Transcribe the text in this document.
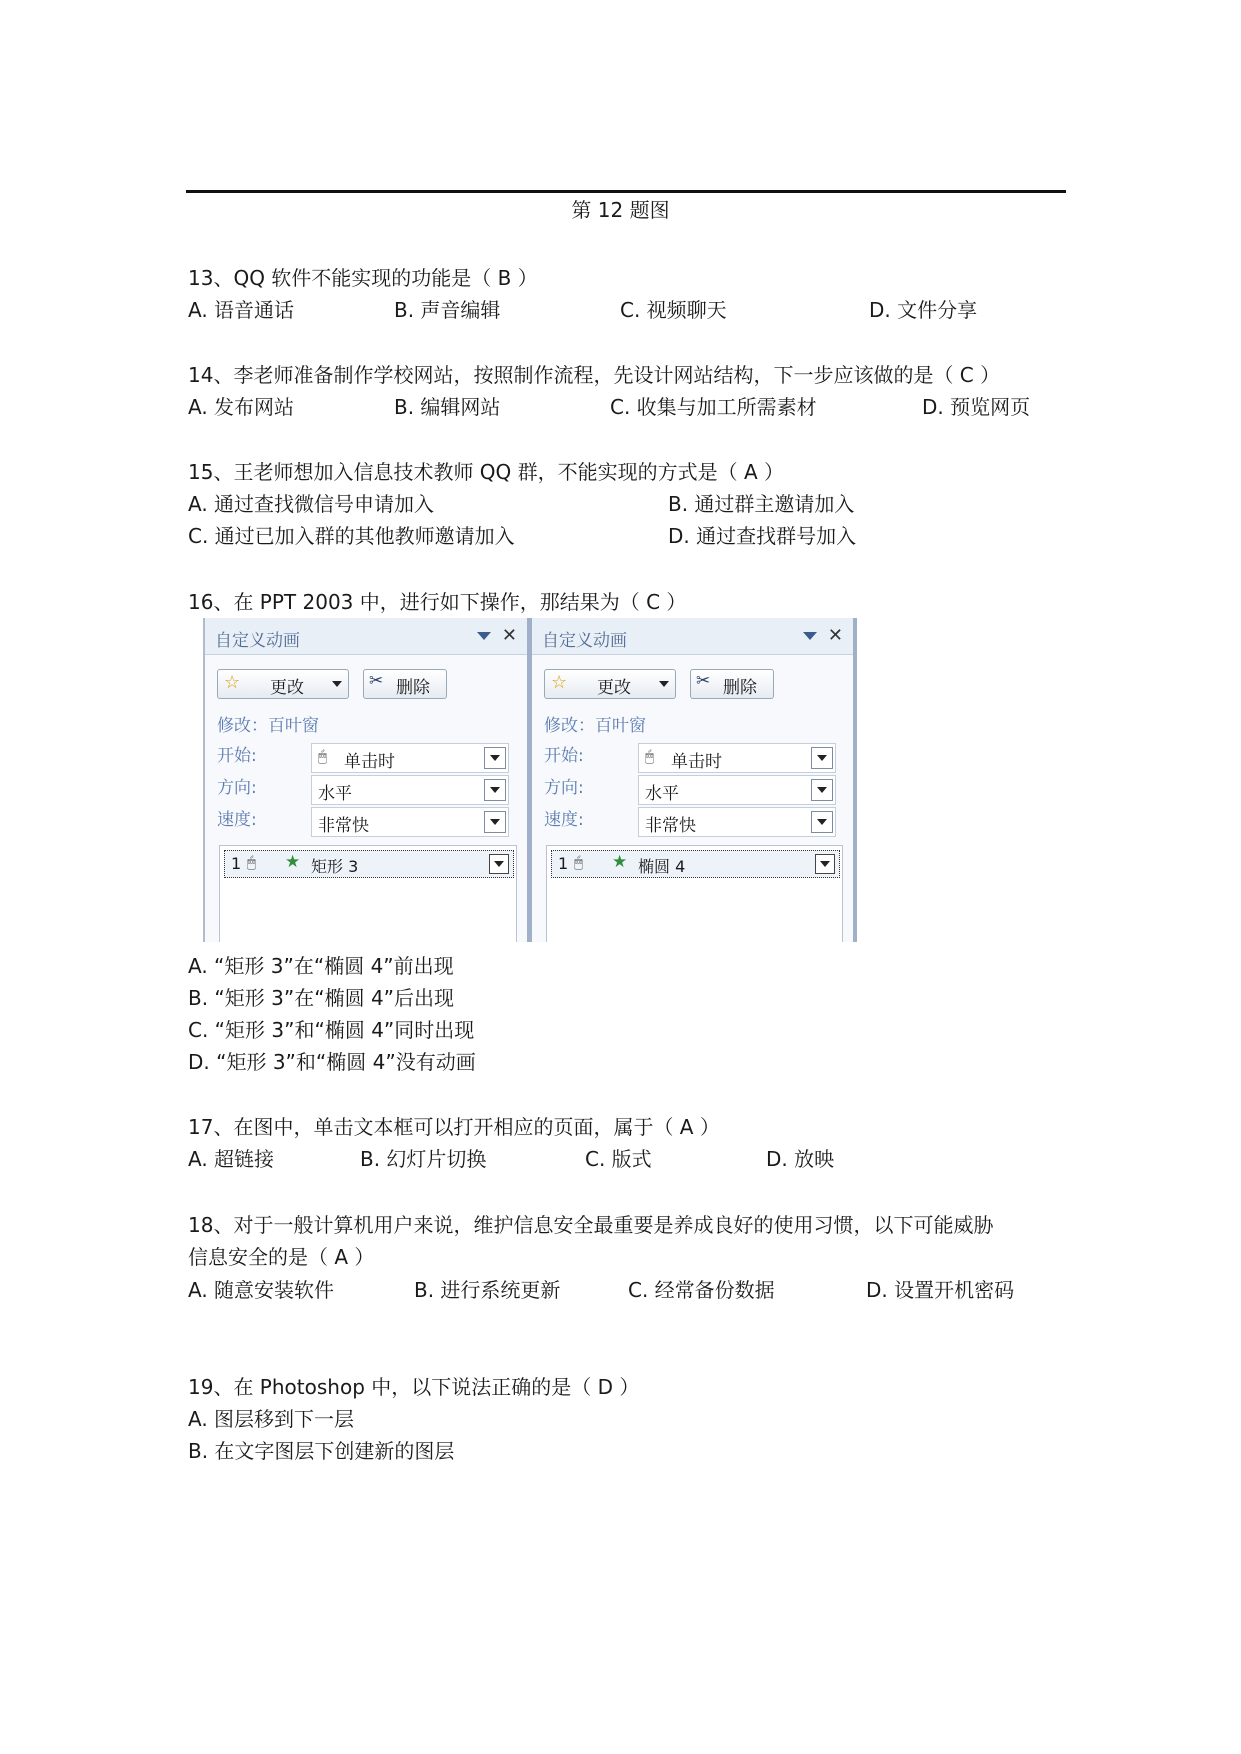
第 12 题图
13、QQ 软件不能实现的功能是（ B ）
A. 语音通话	B. 声音编辑	C. 视频聊天	D. 文件分享
14、李老师准备制作学校网站，按照制作流程，先设计网站结构，下一步应该做的是（ C ）
A. 发布网站	B. 编辑网站	C. 收集与加工所需素材	D. 预览网页
15、王老师想加入信息技术教师 QQ 群，不能实现的方式是（ A ）
A. 通过查找微信号申请加入	B. 通过群主邀请加入
C. 通过已加入群的其他教师邀请加入	D. 通过查找群号加入
16、在 PPT 2003 中，进行如下操作，那结果为（ C ）
自定义动画	✕
☆ 更改	✂ 删除
修改：百叶窗
开始:	🖱 单击时
方向:	水平
速度:	非常快
1 🖱 ★ 矩形 3
自定义动画	✕
☆ 更改	✂ 删除
修改：百叶窗
开始:	🖱 单击时
方向:	水平
速度:	非常快
1 🖱 ★ 椭圆 4
A. “矩形 3”在“椭圆 4”前出现
B. “矩形 3”在“椭圆 4”后出现
C. “矩形 3”和“椭圆 4”同时出现
D. “矩形 3”和“椭圆 4”没有动画
17、在图中，单击文本框可以打开相应的页面，属于（ A ）
A. 超链接	B. 幻灯片切换	C. 版式	D. 放映
18、对于一般计算机用户来说，维护信息安全最重要是养成良好的使用习惯，以下可能威胁
信息安全的是（ A ）
A. 随意安装软件	B. 进行系统更新	C. 经常备份数据	D. 设置开机密码
19、在 Photoshop 中，以下说法正确的是（ D ）
A. 图层移到下一层
B. 在文字图层下创建新的图层
